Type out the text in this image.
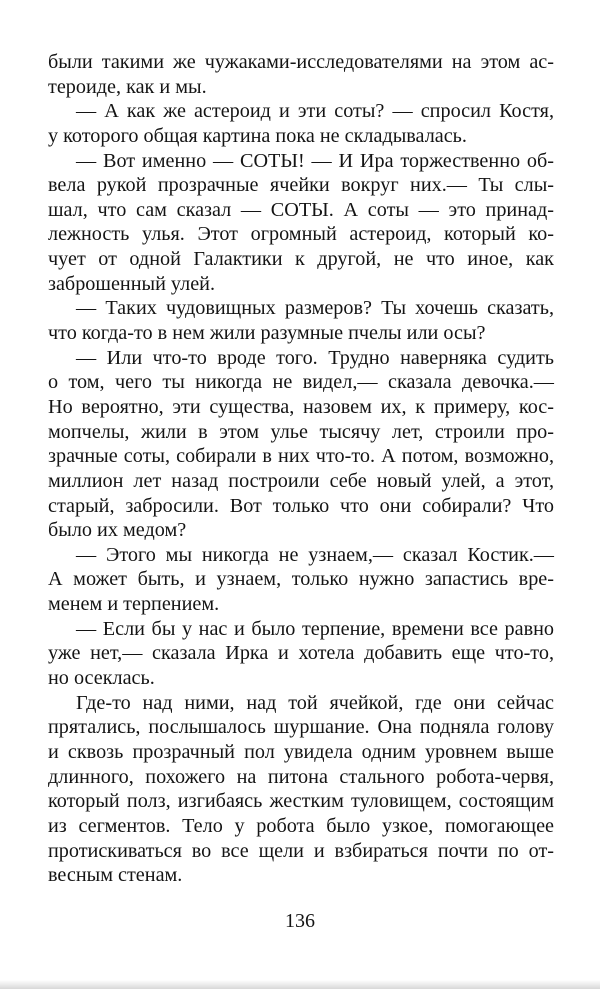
были такими же чужаками-исследователями на этом ас-
тероиде, как и мы.
— А как же астероид и эти соты? — спросил Костя,
у которого общая картина пока не складывалась.
— Вот именно — СОТЫ! — И Ира торжественно об-
вела рукой прозрачные ячейки вокруг них.— Ты слы-
шал, что сам сказал — СОТЫ. А соты — это принад-
лежность улья. Этот огромный астероид, который ко-
чует от одной Галактики к другой, не что иное, как
заброшенный улей.
— Таких чудовищных размеров? Ты хочешь сказать,
что когда-то в нем жили разумные пчелы или осы?
— Или что-то вроде того. Трудно наверняка судить
о том, чего ты никогда не видел,— сказала девочка.—
Но вероятно, эти существа, назовем их, к примеру, кос-
мопчелы, жили в этом улье тысячу лет, строили про-
зрачные соты, собирали в них что-то. А потом, возможно,
миллион лет назад построили себе новый улей, а этот,
старый, забросили. Вот только что они собирали? Что
было их медом?
— Этого мы никогда не узнаем,— сказал Костик.—
А может быть, и узнаем, только нужно запастись вре-
менем и терпением.
— Если бы у нас и было терпение, времени все равно
уже нет,— сказала Ирка и хотела добавить еще что-то,
но осеклась.
Где-то над ними, над той ячейкой, где они сейчас
прятались, послышалось шуршание. Она подняла голову
и сквозь прозрачный пол увидела одним уровнем выше
длинного, похожего на питона стального робота-червя,
который полз, изгибаясь жестким туловищем, состоящим
из сегментов. Тело у робота было узкое, помогающее
протискиваться во все щели и взбираться почти по от-
весным стенам.
136
